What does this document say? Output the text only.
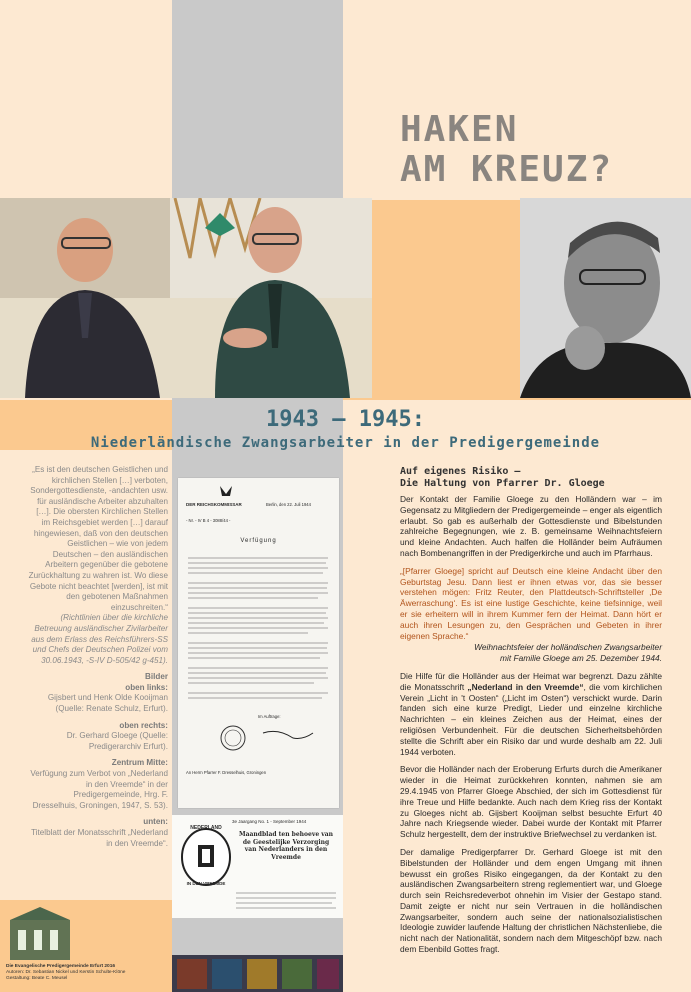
HAKEN
AM KREUZ?
1943 – 1945:
Niederländische Zwangsarbeiter in der Predigergemeinde

„Es ist den deutschen Geistlichen und kirchlichen Stellen […] verboten, Sondergottesdienste, -andachten usw. für ausländische Arbeiter abzuhalten […]. Die obersten Kirchlichen Stellen im Reichsgebiet werden […] darauf hingewiesen, daß von den deutschen Geistlichen – wie von jedem Deutschen – den ausländischen Arbeitern gegenüber die gebotene Zurückhaltung zu wahren ist. Wo diese Gebote nicht beachtet [werden], ist mit den gebotenen Maßnahmen einzuschreiten.“

(Richtlinien über die kirchliche Betreuung ausländischer Zivilarbeiter aus dem Erlass des Reichsführers-SS und Chefs der Deutschen Polizei vom 30.06.1943, -S-IV D-505/42 g-451).

Bilder

oben links:

Gijsbert und Henk Olde Kooijman (Quelle: Renate Schulz, Erfurt).

oben rechts:

Dr. Gerhard Gloege (Quelle: Predigerarchiv Erfurt).

Zentrum Mitte:

Verfügung zum Verbot von „Nederland in den Vreemde“ in der Predigergemeinde, Hrg. F. Dresselhuis, Groningen, 1947, S. 53).

unten:

Titelblatt der Monatsschrift „Nederland in den Vreemde“.

DER REICHSKOMMISSAR	Berlin, den 22. Juli 1944
- Nr. - IV B 4 - 3088/44 -
Verfügung
Im Auftrage:
An Herrn Pfarrer F. Dresselhuis, Groningen
3e Jaargang No. 1 - September 1944
NEDERLAND
IN DEN VREEMDE
Maandblad ten behoeve van de Geestelijke Verzorging van Nederlanders in den Vreemde
Auf eigenes Risiko –
Die Haltung von Pfarrer Dr. Gloege

Der Kontakt der Familie Gloege zu den Holländern war – im Gegensatz zu Mitgliedern der Predigergemeinde – enger als eigentlich erlaubt. So gab es außerhalb der Gottesdienste und Bibelstunden zahlreiche Begegnungen, wie z. B. gemeinsame Weihnachtsfeiern und kleine Andachten. Auch halfen die Holländer beim Aufräumen nach Bombenangriffen in der Predigerkirche und auch im Pfarrhaus.

„[Pfarrer Gloege] spricht auf Deutsch eine kleine Andacht über den Geburtstag Jesu. Dann liest er ihnen etwas vor, das sie besser verstehen mögen: Fritz Reuter, den Plattdeutsch-Schriftsteller ‚De Äwerraschung‘. Es ist eine lustige Geschichte, keine tiefsinnige, weil er sie erheitern will in ihrem Kummer fern der Heimat. Dann hört er auch ihren Lesungen zu, den Gesprächen und Gebeten in ihrer eigenen Sprache.“

Weihnachtsfeier der holländischen Zwangsarbeiter
mit Familie Gloege am 25. Dezember 1944.

Die Hilfe für die Holländer aus der Heimat war begrenzt. Dazu zählte die Monatsschrift „Nederland in den Vreemde“, die vom kirchlichen Verein „Licht in 't Oosten“ („Licht im Osten“) verschickt wurde. Darin fanden sich eine kurze Predigt, Lieder und einzelne kirchliche Nachrichten – ein kleines Zeichen aus der Heimat, eines der religiösen Verbundenheit. Für die deutschen Sicherheitsbehörden stellte die Schrift aber ein Risiko dar und wurde deshalb am 22. Juli 1944 verboten.

Bevor die Holländer nach der Eroberung Erfurts durch die Amerikaner wieder in die Heimat zurückkehren konnten, nahmen sie am 29.4.1945 von Pfarrer Gloege Abschied, der sich im Gottesdienst für ihre Treue und Hilfe bedankte. Auch nach dem Krieg riss der Kontakt zu Gloeges nicht ab. Gijsbert Kooijman selbst besuchte Erfurt 40 Jahre nach Kriegsende wieder. Dabei wurde der Kontakt mit Pfarrer Schulz hergestellt, dem der instruktive Briefwechsel zu verdanken ist.

Der damalige Predigerpfarrer Dr. Gerhard Gloege ist mit den Bibelstunden der Holländer und dem engen Umgang mit ihnen bewusst ein großes Risiko eingegangen, da der Kontakt zu den ausländischen Zwangsarbeitern streng reglementiert war, und Gloege durch sein Reichsredeverbot ohnehin im Visier der Gestapo stand. Damit zeigte er nicht nur sein Vertrauen in die holländischen Zwangsarbeiter, sondern auch seine der nationalsozialistischen Ideologie zuwider laufende Haltung der christlichen Nächstenliebe, die nicht nach der Nationalität, sondern nach dem Mitgeschöpf bzw. nach dem Ebenbild Gottes fragt.

Die Evangelische Predigergemeinde Erfurt 2016

Autoren: Dr. Sebastian Nickel und Kerstin Schulte-Klöne

Gestaltung: Beate C. Meusel
